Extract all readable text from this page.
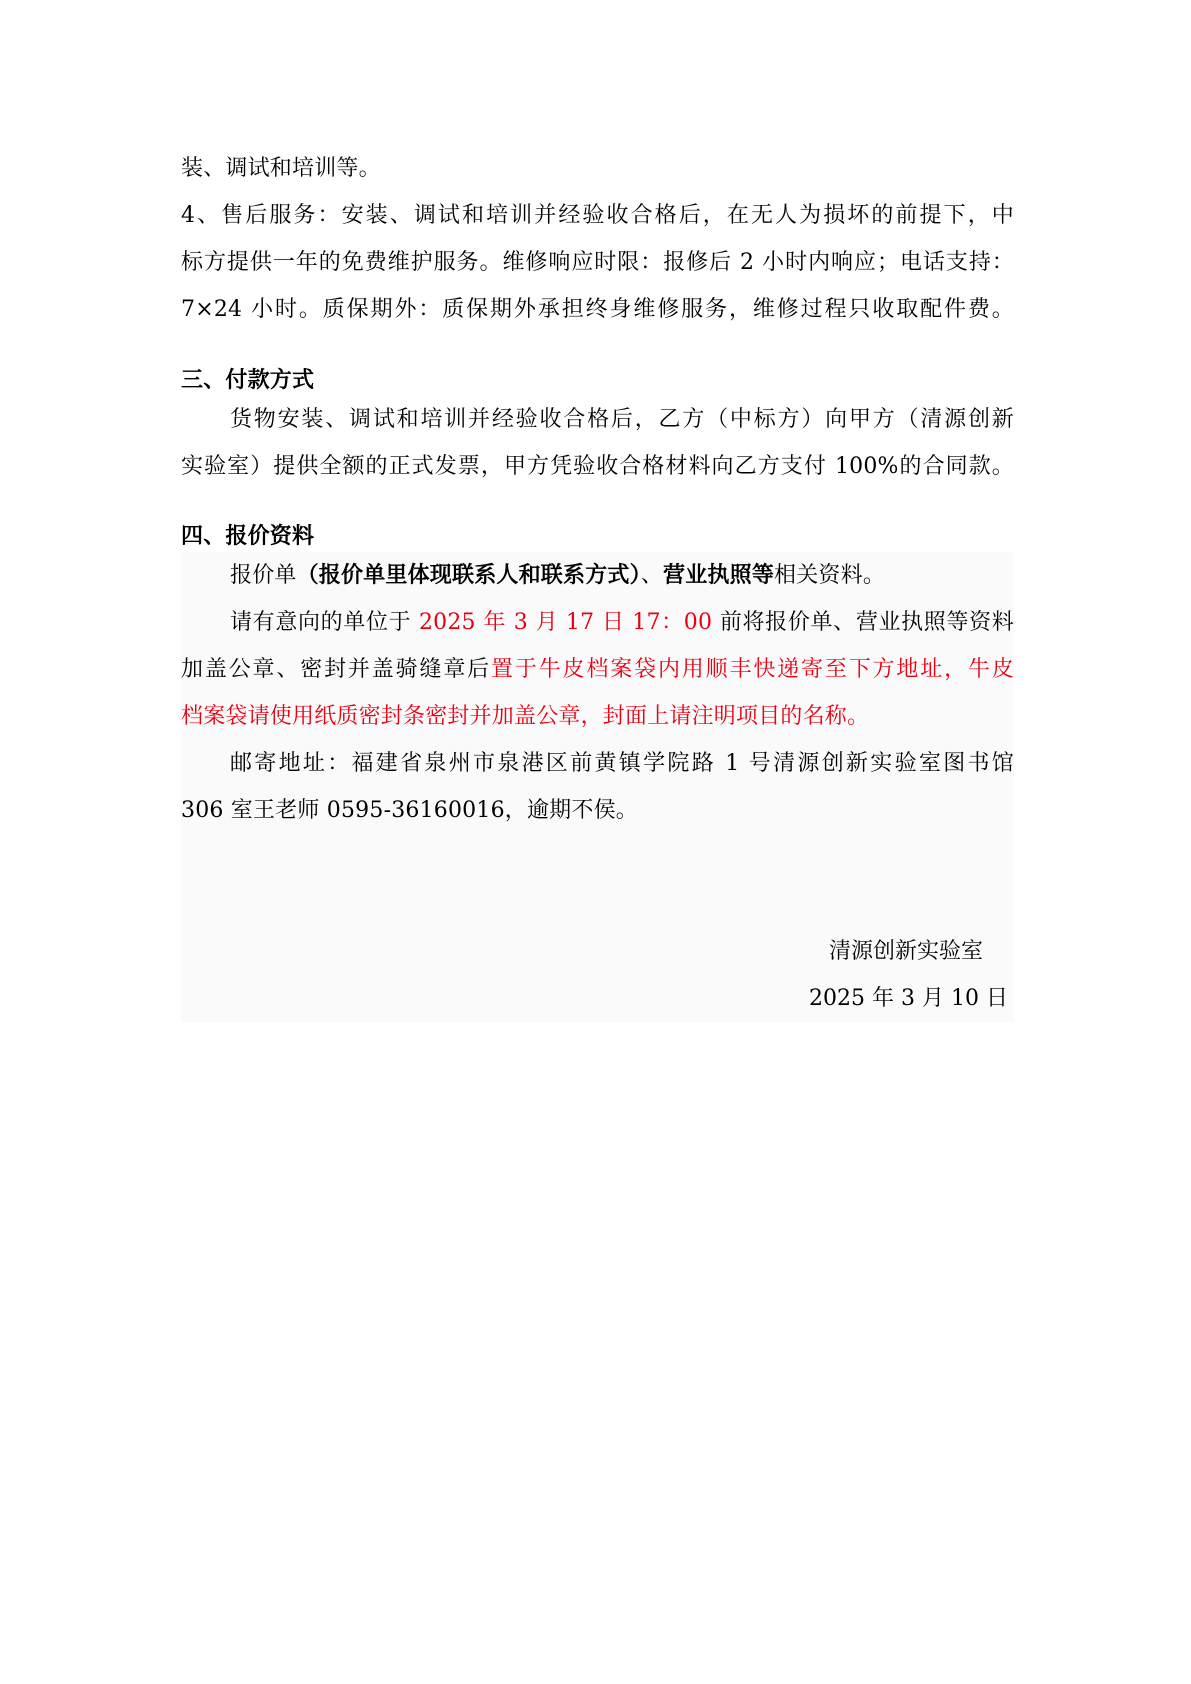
装、调试和培训等。
4、售后服务：安装、调试和培训并经验收合格后，在无人为损坏的前提下，中
标方提供一年的免费维护服务。维修响应时限：报修后 2 小时内响应；电话支持：
7×24 小时。质保期外：质保期外承担终身维修服务，维修过程只收取配件费。
三、付款方式
货物安装、调试和培训并经验收合格后，乙方（中标方）向甲方（清源创新
实验室）提供全额的正式发票，甲方凭验收合格材料向乙方支付 100%的合同款。
四、报价资料
报价单（报价单里体现联系人和联系方式）、营业执照等相关资料。
请有意向的单位于 2025 年 3 月 17 日 17：00 前将报价单、营业执照等资料
加盖公章、密封并盖骑缝章后置于牛皮档案袋内用顺丰快递寄至下方地址，牛皮
档案袋请使用纸质密封条密封并加盖公章，封面上请注明项目的名称。
邮寄地址：福建省泉州市泉港区前黄镇学院路 1 号清源创新实验室图书馆
306 室王老师 0595-36160016，逾期不侯。
清源创新实验室
2025 年 3 月 10 日
